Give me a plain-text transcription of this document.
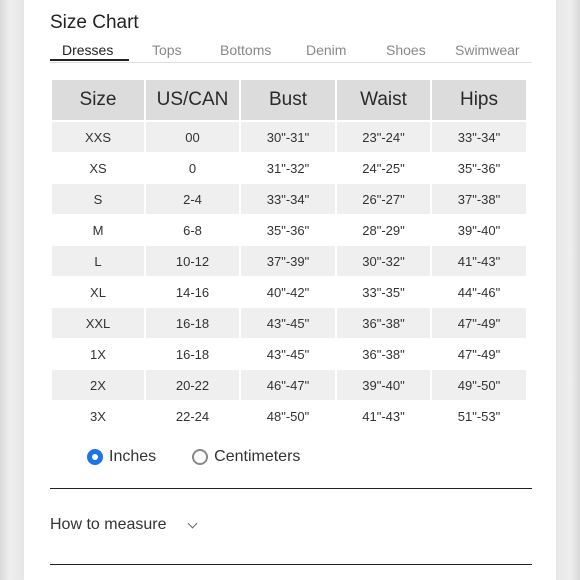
Size Chart
Dresses	Tops	Bottoms Denim	Shoes Swimwear
Size	US/CAN	Bust	Waist	Hips
XXS	00	30"-31"	23"-24"	33"-34"
XS	0	31"-32"	24"-25"	35"-36"
S	2-4	33"-34"	26"-27"	37"-38"
M	6-8	35"-36"	28"-29"	39"-40"
L	10-12	37"-39"	30"-32"	41"-43"
XL	14-16	40"-42"	33"-35"	44"-46"
XXL	16-18	43"-45"	36"-38"	47"-49"
1X	16-18	43"-45"	36"-38"	47"-49"
2X	20-22	46"-47"	39"-40"	49"-50"
3X	22-24	48"-50"	41"-43"	51"-53"
Inches	Centimeters
How to measure
